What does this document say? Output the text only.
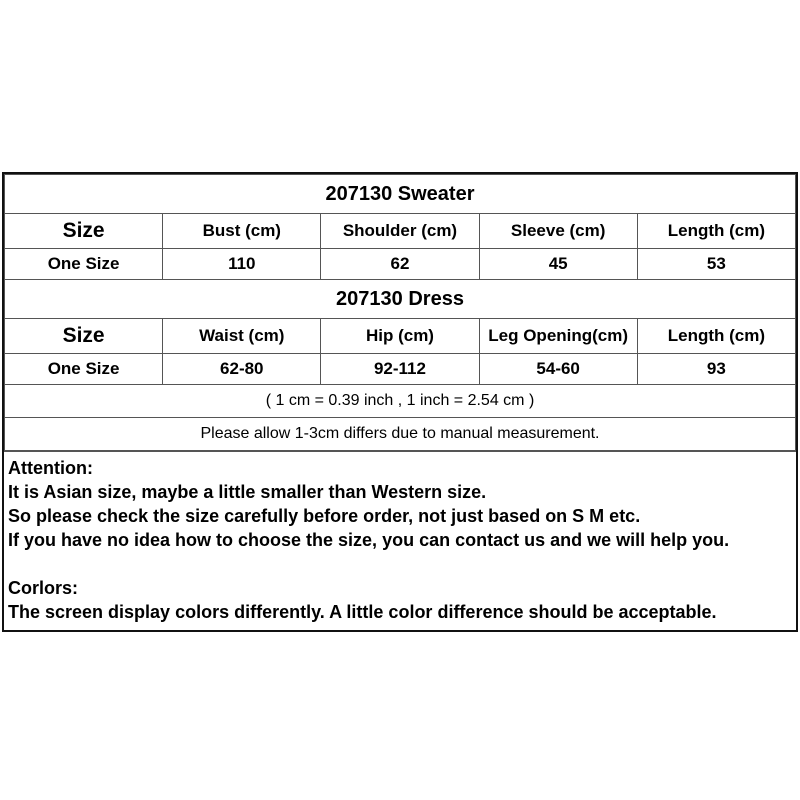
207130 Sweater				
Size	Bust (cm)	Shoulder (cm)	Sleeve (cm)	Length (cm)
One Size	110	62	45	53
207130 Dress				
Size	Waist (cm)	Hip (cm)	Leg Opening(cm)	Length (cm)
One Size	62-80	92-112	54-60	93
( 1 cm = 0.39 inch , 1 inch = 2.54 cm )				
Please allow 1-3cm differs due to manual measurement.				

Attention:

It is Asian size, maybe a little smaller than Western size.

So please check the size carefully before order, not just based on S M etc.

If you have no idea how to choose the size, you can contact us and we will help you.

Corlors:

The screen display colors differently. A little color difference should be acceptable.
